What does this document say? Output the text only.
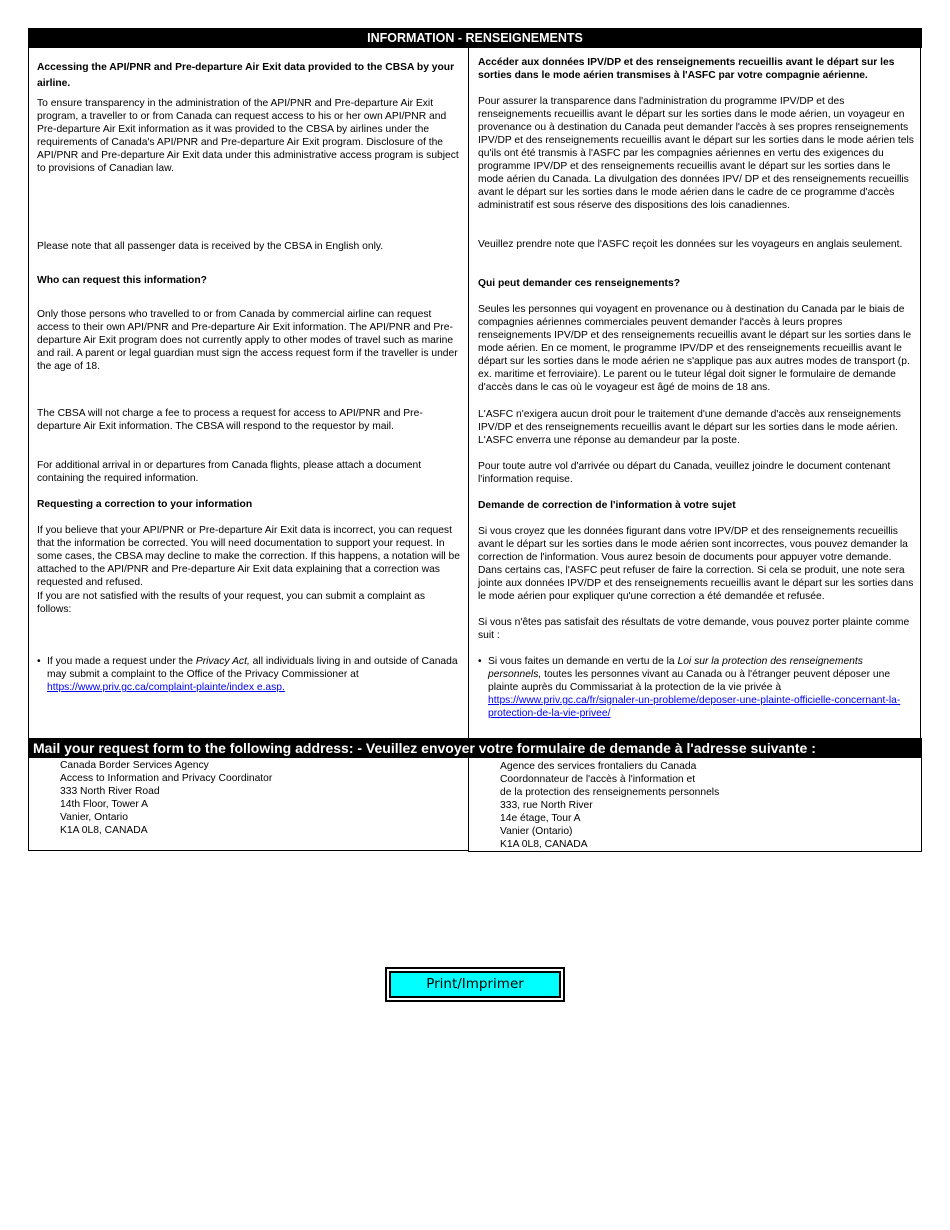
INFORMATION - RENSEIGNEMENTS

Accessing the API/PNR and Pre-departure Air Exit data provided to the CBSA by your airline.

To ensure transparency in the administration of the API/PNR and Pre-departure Air Exit program, a traveller to or from Canada can request access to his or her own API/PNR and Pre-departure Air Exit information as it was provided to the CBSA by airlines under the requirements of Canada's API/PNR and Pre-departure Air Exit program. Disclosure of the API/PNR and Pre-departure Air Exit data under this administrative access program is subject to provisions of Canadian law.

Please note that all passenger data is received by the CBSA in English only.

Who can request this information?

Only those persons who travelled to or from Canada by commercial airline can request access to their own API/PNR and Pre-departure Air Exit information. The API/PNR and Pre-departure Air Exit program does not currently apply to other modes of travel such as marine and rail. A parent or legal guardian must sign the access request form if the traveller is under the age of 18.

The CBSA will not charge a fee to process a request for access to API/PNR and Pre-departure Air Exit information. The CBSA will respond to the requestor by mail.

For additional arrival in or departures from Canada flights, please attach a document containing the required information.

Requesting a correction to your information

If you believe that your API/PNR or Pre-departure Air Exit data is incorrect, you can request that the information be corrected. You will need documentation to support your request. In some cases, the CBSA may decline to make the correction. If this happens, a notation will be attached to the API/PNR and Pre-departure Air Exit data explaining that a correction was requested and refused.

If you are not satisfied with the results of your request, you can submit a complaint as follows:

• If you made a request under the Privacy Act, all individuals living in and outside of Canada may submit a complaint to the Office of the Privacy Commissioner at https://www.priv.gc.ca/complaint-plainte/index e.asp.

Accéder aux données IPV/DP et des renseignements recueillis avant le départ sur les sorties dans le mode aérien transmises à l'ASFC par votre compagnie aérienne.

Pour assurer la transparence dans l'administration du programme IPV/DP et des renseignements recueillis avant le départ sur les sorties dans le mode aérien, un voyageur en provenance ou à destination du Canada peut demander l'accès à ses propres renseignements IPV/DP et des renseignements recueillis avant le départ sur les sorties dans le mode aérien tels qu'ils ont été transmis à l'ASFC par les compagnies aériennes en vertu des exigences du programme IPV/DP et des renseignements recueillis avant le départ sur les sorties dans le mode aérien du Canada. La divulgation des données IPV/ DP et des renseignements recueillis avant le départ sur les sorties dans le mode aérien dans le cadre de ce programme d'accès administratif est sous réserve des dispositions des lois canadiennes.

Veuillez prendre note que l'ASFC reçoit les données sur les voyageurs en anglais seulement.

Qui peut demander ces renseignements?

Seules les personnes qui voyagent en provenance ou à destination du Canada par le biais de compagnies aériennes commerciales peuvent demander l'accès à leurs propres renseignements IPV/DP et des renseignements recueillis avant le départ sur les sorties dans le mode aérien. En ce moment, le programme IPV/DP et des renseignements recueillis avant le départ sur les sorties dans le mode aérien ne s'applique pas aux autres modes de transport (p. ex. maritime et ferroviaire). Le parent ou le tuteur légal doit signer le formulaire de demande d'accès dans le cas où le voyageur est âgé de moins de 18 ans.

L'ASFC n'exigera aucun droit pour le traitement d'une demande d'accès aux renseignements IPV/DP et des renseignements recueillis avant le départ sur les sorties dans le mode aérien. L'ASFC enverra une réponse au demandeur par la poste.

Pour toute autre vol d'arrivée ou départ du Canada, veuillez joindre le document contenant l'information requise.

Demande de correction de l'information à votre sujet

Si vous croyez que les données figurant dans votre IPV/DP et des renseignements recueillis avant le départ sur les sorties dans le mode aérien sont incorrectes, vous pouvez demander la correction de l'information. Vous aurez besoin de documents pour appuyer votre demande. Dans certains cas, l'ASFC peut refuser de faire la correction. Si cela se produit, une note sera jointe aux données IPV/DP et des renseignements recueillis avant le départ sur les sorties dans le mode aérien pour expliquer qu'une correction a été demandée et refusée.

Si vous n'êtes pas satisfait des résultats de votre demande, vous pouvez porter plainte comme suit :

• Si vous faites un demande en vertu de la Loi sur la protection des renseignements personnels, toutes les personnes vivant au Canada ou à l'étranger peuvent déposer une plainte auprès du Commissariat à la protection de la vie privée à https://www.priv.gc.ca/fr/signaler-un-probleme/deposer-une-plainte-officielle-concernant-la-protection-de-la-vie-privee/

Mail your request form to the following address: - Veuillez envoyer votre formulaire de demande à l'adresse suivante :
Canada Border Services Agency
Access to Information and Privacy Coordinator
333 North River Road
14th Floor, Tower A
Vanier, Ontario
K1A 0L8, CANADA
Agence des services frontaliers du Canada
Coordonnateur de l'accès à l'information et
de la protection des renseignements personnels
333, rue North River
14e étage, Tour A
Vanier (Ontario)
K1A 0L8, CANADA
Print/Imprimer
